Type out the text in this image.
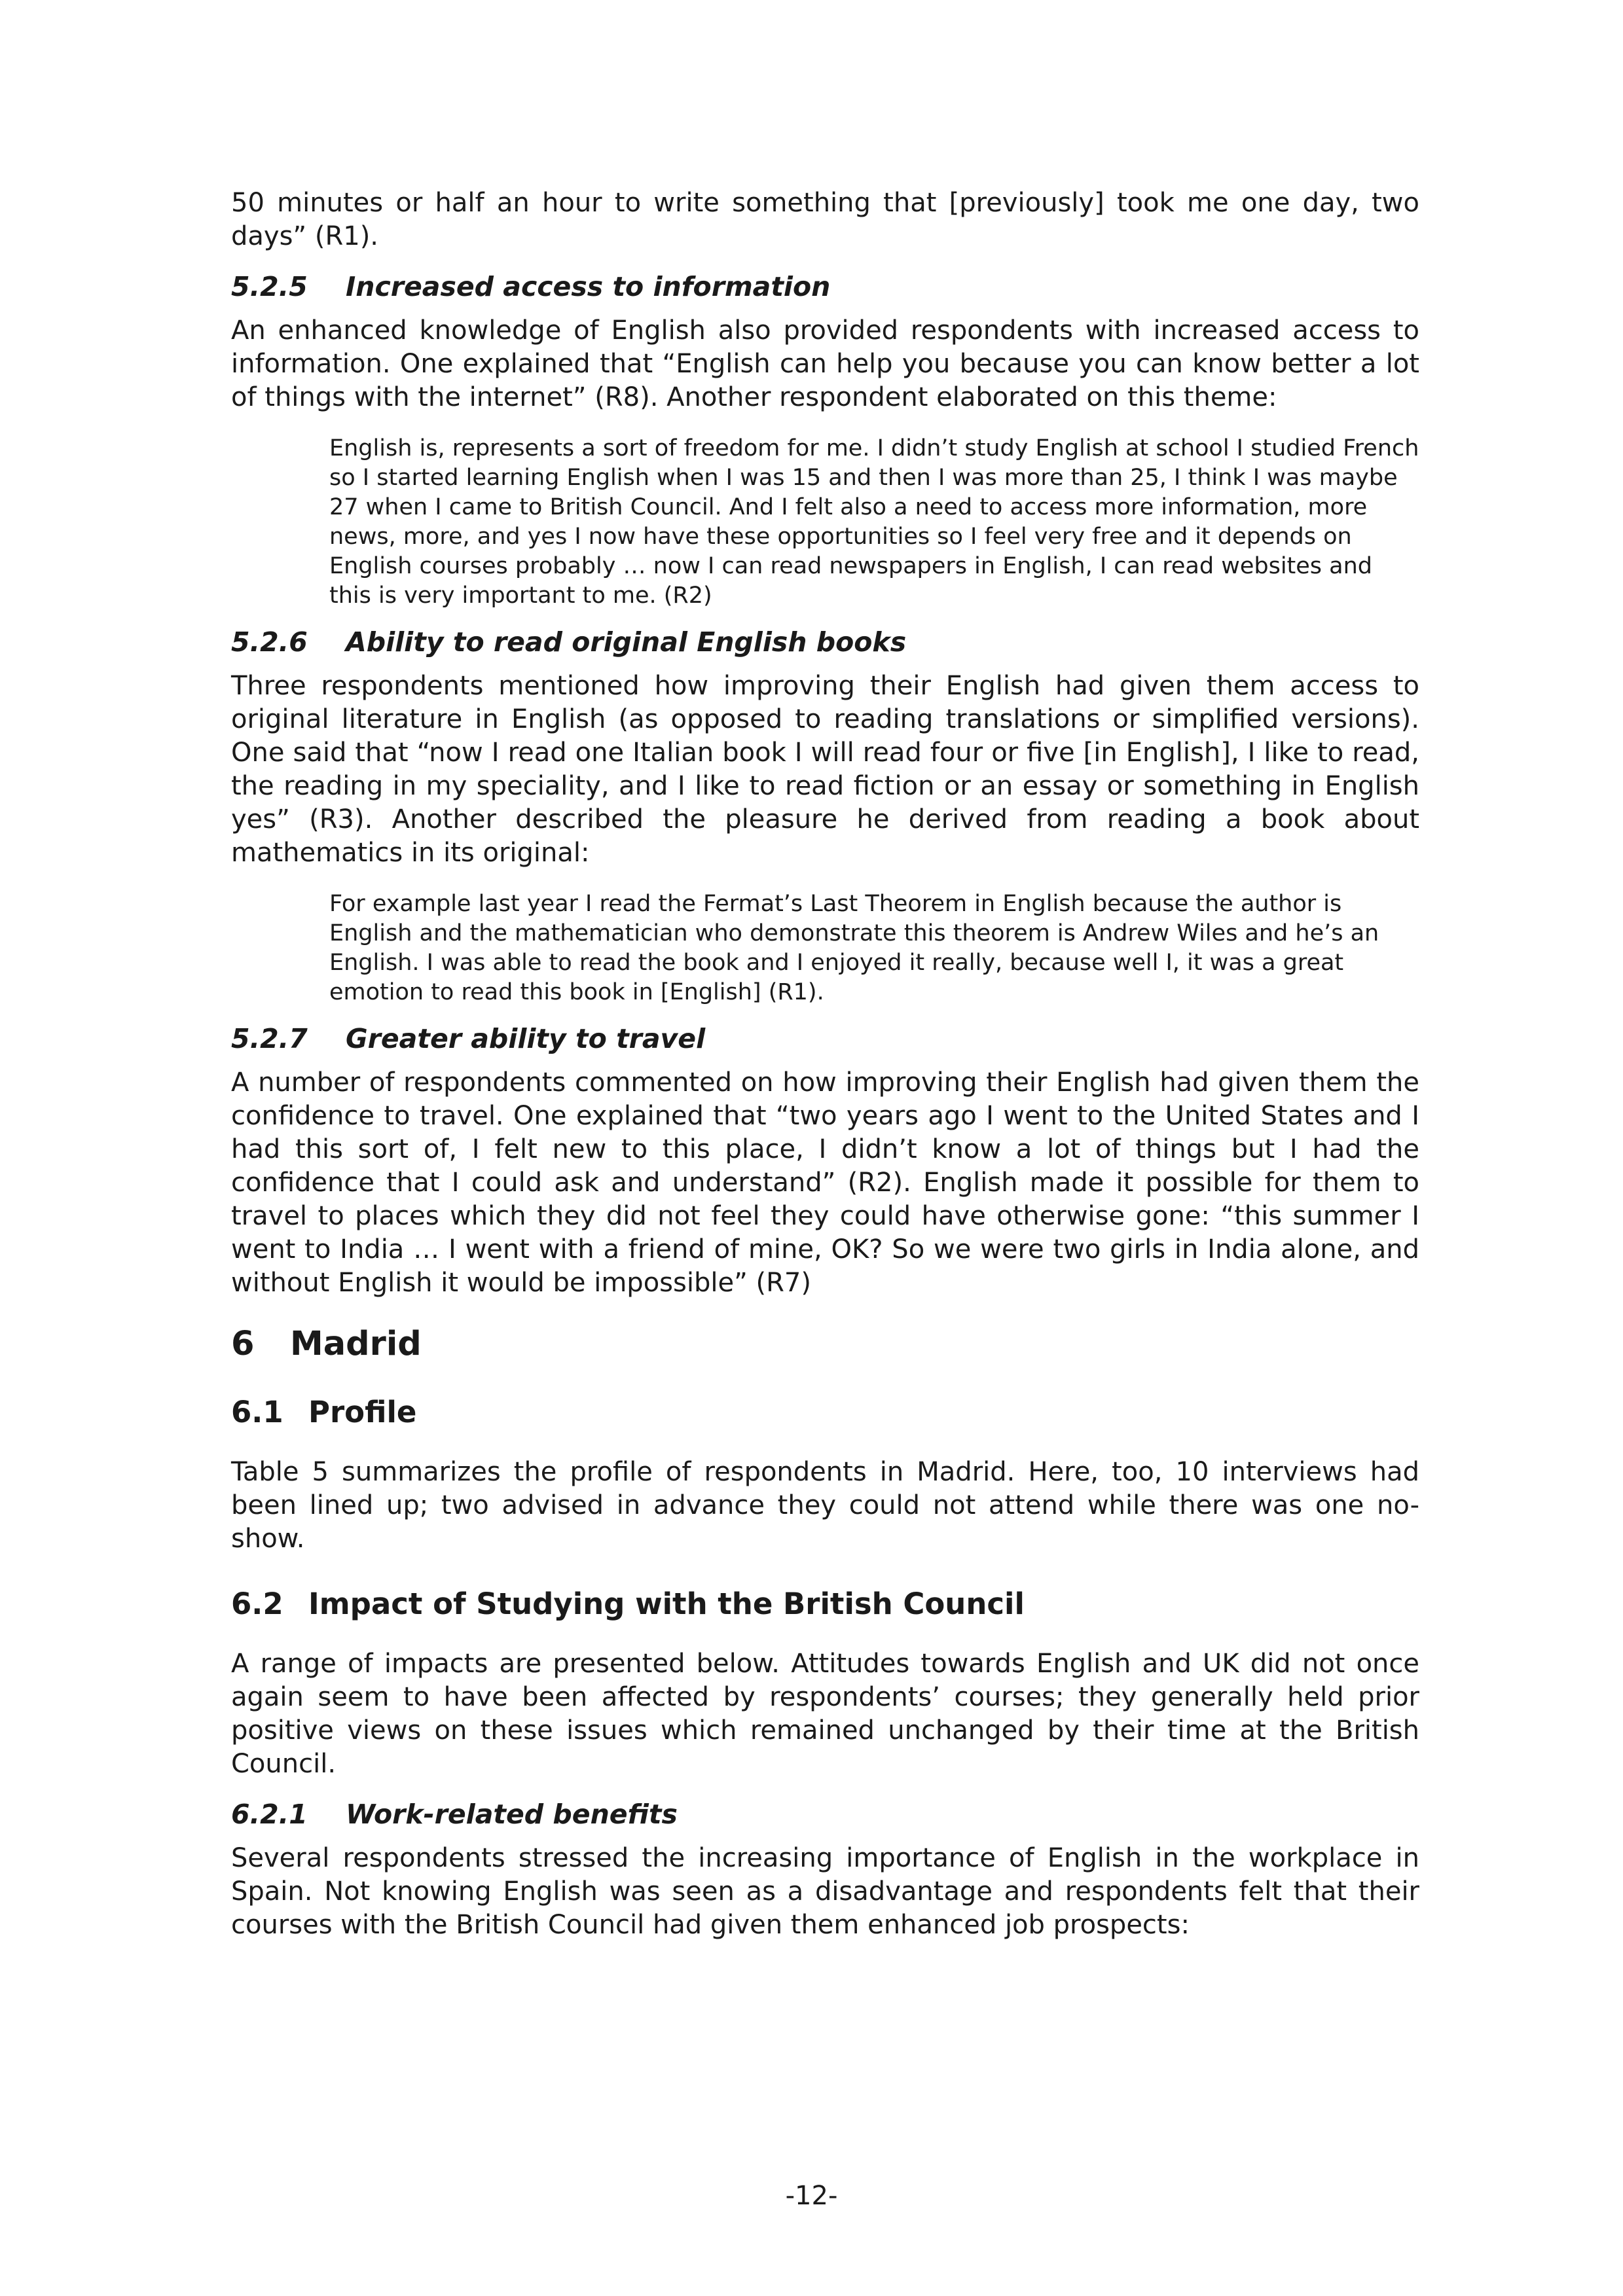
50 minutes or half an hour to write something that [previously] took me one day, two days” (R1).

5.2.5	Increased access to information

An enhanced knowledge of English also provided respondents with increased access to information. One explained that “English can help you because you can know better a lot of things with the internet” (R8). Another respondent elaborated on this theme:

English is, represents a sort of freedom for me. I didn’t study English at school I studied French so I started learning English when I was 15 and then I was more than 25, I think I was maybe 27 when I came to British Council. And I felt also a need to access more information, more news, more, and yes I now have these opportunities so I feel very free and it depends on English courses probably … now I can read newspapers in English, I can read websites and this is very important to me. (R2)

5.2.6	Ability to read original English books

Three respondents mentioned how improving their English had given them access to original literature in English (as opposed to reading translations or simplified versions). One said that “now I read one Italian book I will read four or five [in English], I like to read, the reading in my speciality, and I like to read fiction or an essay or something in English yes” (R3). Another described the pleasure he derived from reading a book about mathematics in its original:

For example last year I read the Fermat’s Last Theorem in English because the author is English and the mathematician who demonstrate this theorem is Andrew Wiles and he’s an English. I was able to read the book and I enjoyed it really, because well I, it was a great emotion to read this book in [English] (R1).

5.2.7	Greater ability to travel

A number of respondents commented on how improving their English had given them the confidence to travel. One explained that “two years ago I went to the United States and I had this sort of, I felt new to this place, I didn’t know a lot of things but I had the confidence that I could ask and understand” (R2). English made it possible for them to travel to places which they did not feel they could have otherwise gone: “this summer I went to India … I went with a friend of mine, OK? So we were two girls in India alone, and without English it would be impossible” (R7)

6	Madrid
6.1 Profile

Table 5 summarizes the profile of respondents in Madrid. Here, too, 10 interviews had been lined up; two advised in advance they could not attend while there was one no-show.

6.2 Impact of Studying with the British Council

A range of impacts are presented below. Attitudes towards English and UK did not once again seem to have been affected by respondents’ courses; they generally held prior positive views on these issues which remained unchanged by their time at the British Council.

6.2.1	Work-related benefits

Several respondents stressed the increasing importance of English in the workplace in Spain. Not knowing English was seen as a disadvantage and respondents felt that their courses with the British Council had given them enhanced job prospects:

-12-
